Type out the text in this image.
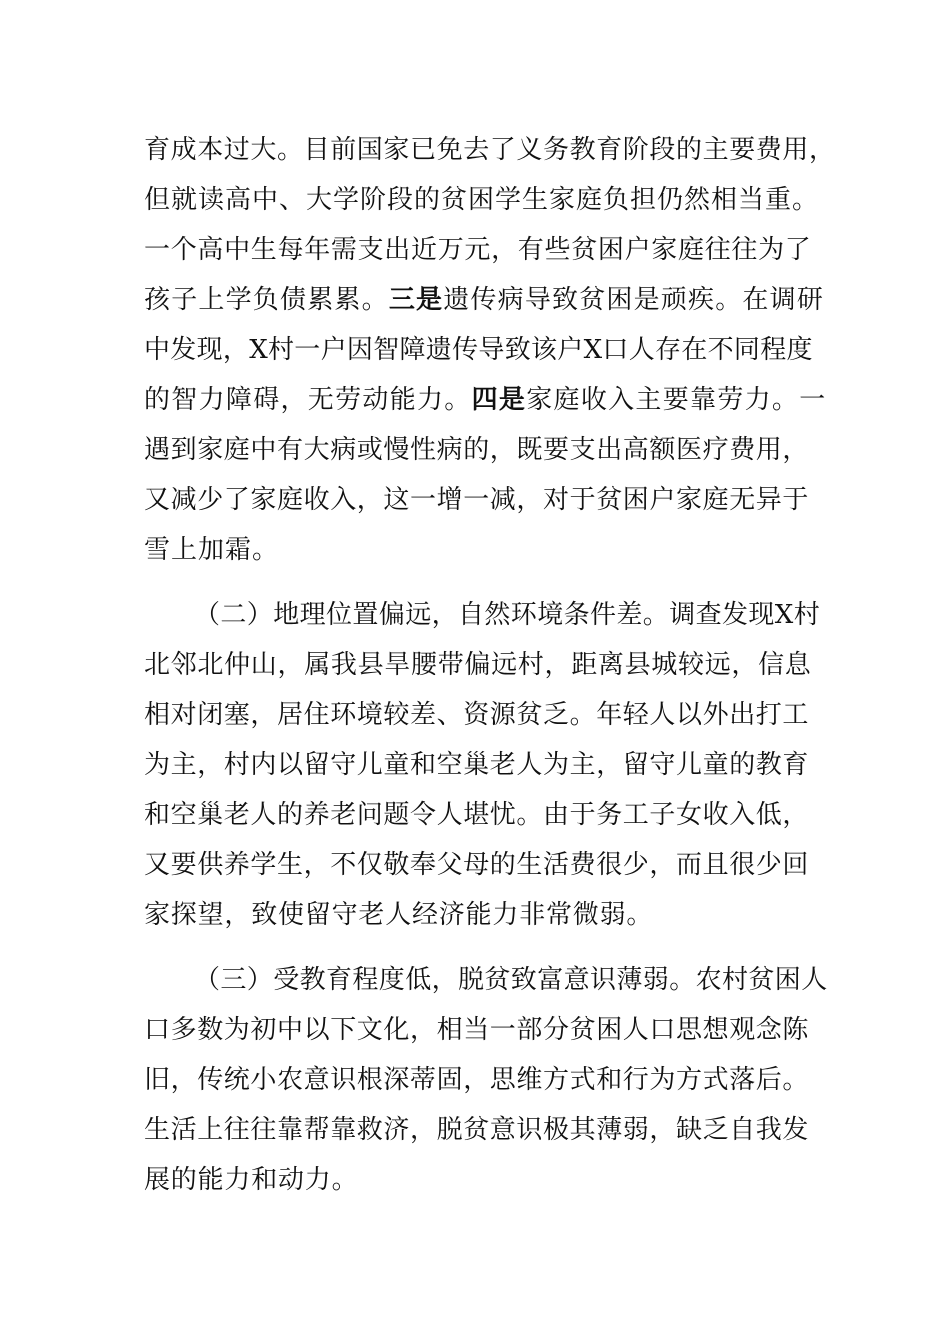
育成本过大。目前国家已免去了义务教育阶段的主要费用，
但就读高中、大学阶段的贫困学生家庭负担仍然相当重。
一个高中生每年需支出近万元，有些贫困户家庭往往为了
孩子上学负债累累。三是遗传病导致贫困是顽疾。在调研
中发现，X村一户因智障遗传导致该户X口人存在不同程度
的智力障碍，无劳动能力。四是家庭收入主要靠劳力。一
遇到家庭中有大病或慢性病的，既要支出高额医疗费用，
又减少了家庭收入，这一增一减，对于贫困户家庭无异于
雪上加霜。
（二）地理位置偏远，自然环境条件差。调查发现X村
北邻北仲山，属我县旱腰带偏远村，距离县城较远，信息
相对闭塞，居住环境较差、资源贫乏。年轻人以外出打工
为主，村内以留守儿童和空巢老人为主，留守儿童的教育
和空巢老人的养老问题令人堪忧。由于务工子女收入低，
又要供养学生，不仅敬奉父母的生活费很少，而且很少回
家探望，致使留守老人经济能力非常微弱。
（三）受教育程度低，脱贫致富意识薄弱。农村贫困人
口多数为初中以下文化，相当一部分贫困人口思想观念陈
旧，传统小农意识根深蒂固，思维方式和行为方式落后。
生活上往往靠帮靠救济，脱贫意识极其薄弱，缺乏自我发
展的能力和动力。
